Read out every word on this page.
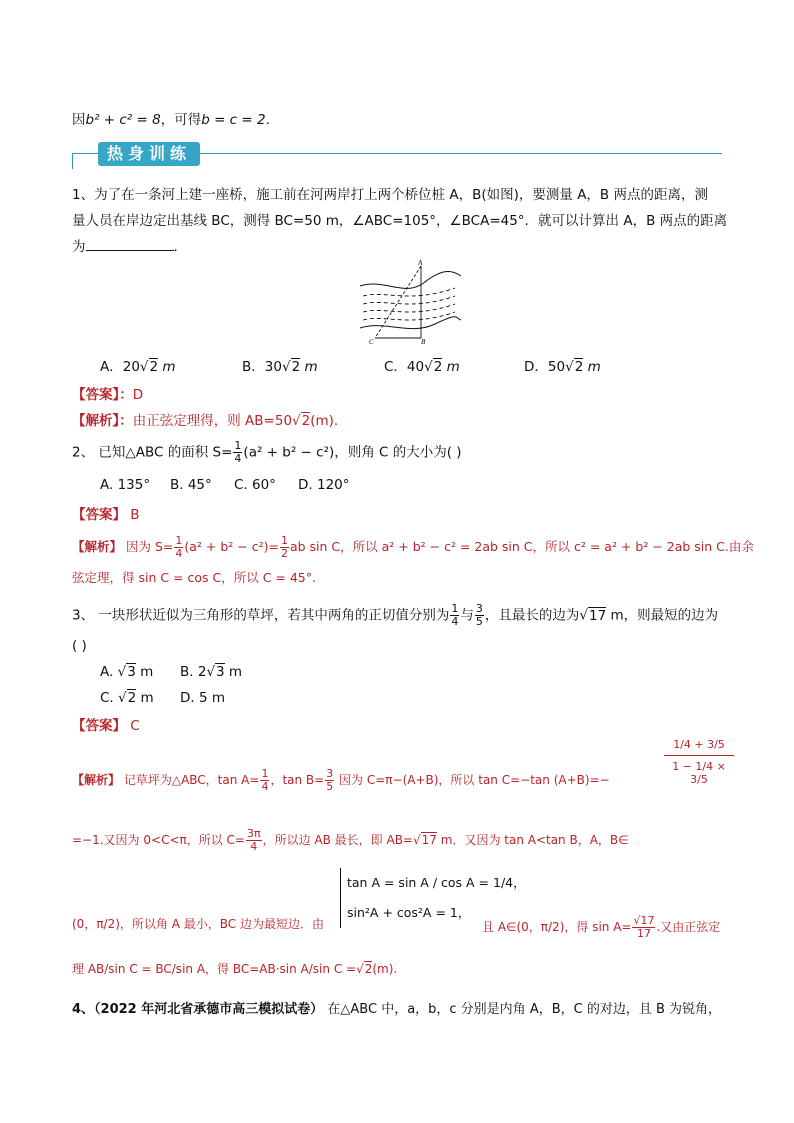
因b² + c² = 8，可得b = c = 2.
热身训练
1、为了在一条河上建一座桥，施工前在河两岸打上两个桥位桩 A，B(如图)，要测量 A，B 两点的距离，测
量人员在岸边定出基线 BC，测得 BC=50 m，∠ABC=105°，∠BCA=45°．就可以计算出 A，B 两点的距离
为	．
A
C	B
A．20√2 m	B．30√2 m	C．40√2 m	D．50√2 m
【答案】：D
【解析】：由正弦定理得，则 AB=50√2(m).
2、 已知△ABC 的面积 $S= \frac{1}{4} (a^2 + b^2 - c^2)$，则角 C 的大小为( )
A. 135° B. 45° C. 60° D. 120°
【答案】 B
【解析】 因为 $S= \frac{1}{4} (a^2 + b^2 - c^2)= \frac{1}{2}$ ab sin C，所以 a² + b² − c² = 2ab sin C，所以 c² = a² + b² − 2ab sin C.由余
弦定理，得 sin C = cos C，所以 C = 45°.
3、 一块形状近似为三角形的草坪，若其中两角的正切值分别为 $\frac{1}{4}$ 与 $\frac{3}{5}$ ，且最长的边为√17 m，则最短的边为
( )
A. √3 m B. 2√3 m
C. √2 m D. 5 m
【答案】 C
【解析】 记草坪为△ABC，$\tan A= \frac{1}{4}$ ，$\tan B= \frac{3}{5}$ 因为 C=π−(A+B)，所以 tan C=−tan (A+B)=−	$\frac{1/4 + 3/5}{1 - 1/4 \times 3/5}$
=−1.又因为 0<C<π，所以 $C= \frac{3\pi}{4}$ ，所以边 AB 最长，即 AB=√17 m．又因为 tan A<tan B，A，B∈
tan A = sin A / cos A = 1/4，
sin²A + cos²A = 1，
(0，π/2)，所以角 A 最小，BC 边为最短边．由	且 A∈(0，π/2)，得 $\sin A= \frac{√17}{17}$ .又由正弦定
理 AB/sin C = BC/sin A，得 BC=AB·sin A/sin C =√2(m).
4、（2022 年河北省承德市高三模拟试卷） 在△ABC 中，a，b，c 分别是内角 A，B，C 的对边，且 B 为锐角，
